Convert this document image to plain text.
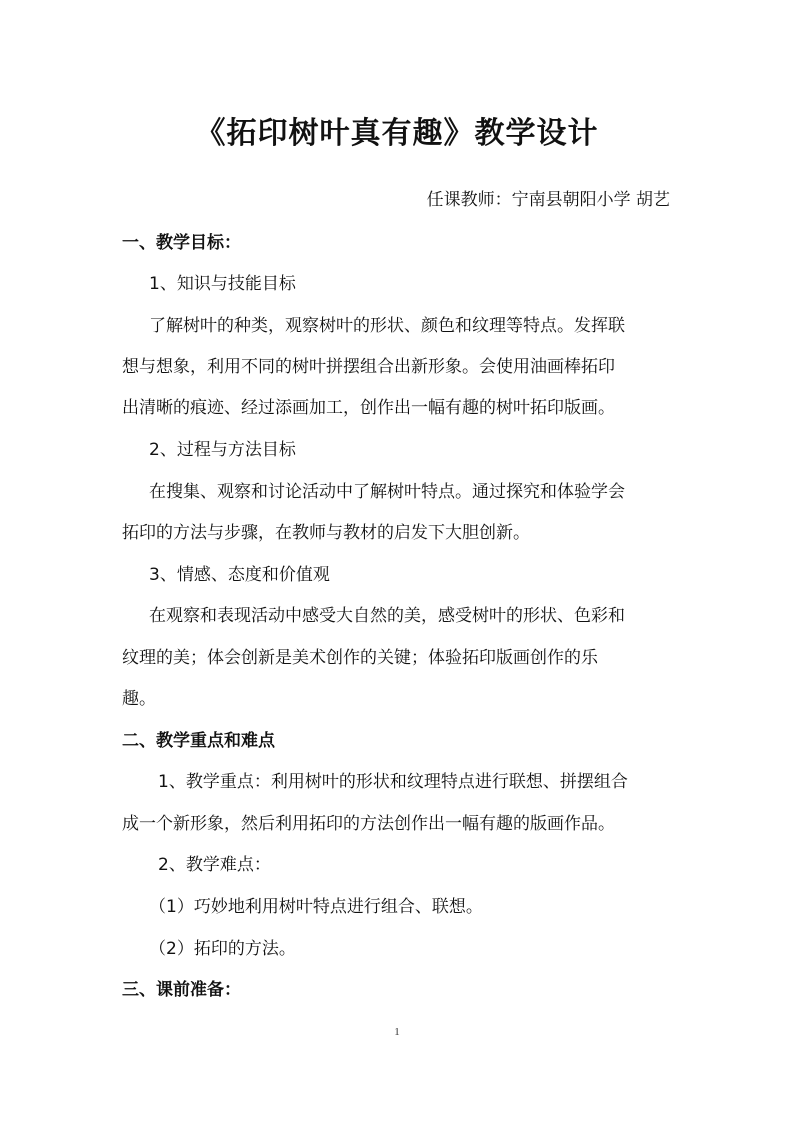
《拓印树叶真有趣》教学设计
任课教师：宁南县朝阳小学 胡艺
一、教学目标：
1、知识与技能目标
了解树叶的种类，观察树叶的形状、颜色和纹理等特点。发挥联
想与想象，利用不同的树叶拼摆组合出新形象。会使用油画棒拓印
出清晰的痕迹、经过添画加工，创作出一幅有趣的树叶拓印版画。
2、过程与方法目标
在搜集、观察和讨论活动中了解树叶特点。通过探究和体验学会
拓印的方法与步骤，在教师与教材的启发下大胆创新。
3、情感、态度和价值观
在观察和表现活动中感受大自然的美，感受树叶的形状、色彩和
纹理的美；体会创新是美术创作的关键；体验拓印版画创作的乐
趣。
二、教学重点和难点
1、教学重点：利用树叶的形状和纹理特点进行联想、拼摆组合
成一个新形象，然后利用拓印的方法创作出一幅有趣的版画作品。
2、教学难点：
（1）巧妙地利用树叶特点进行组合、联想。
（2）拓印的方法。
三、课前准备：
1
